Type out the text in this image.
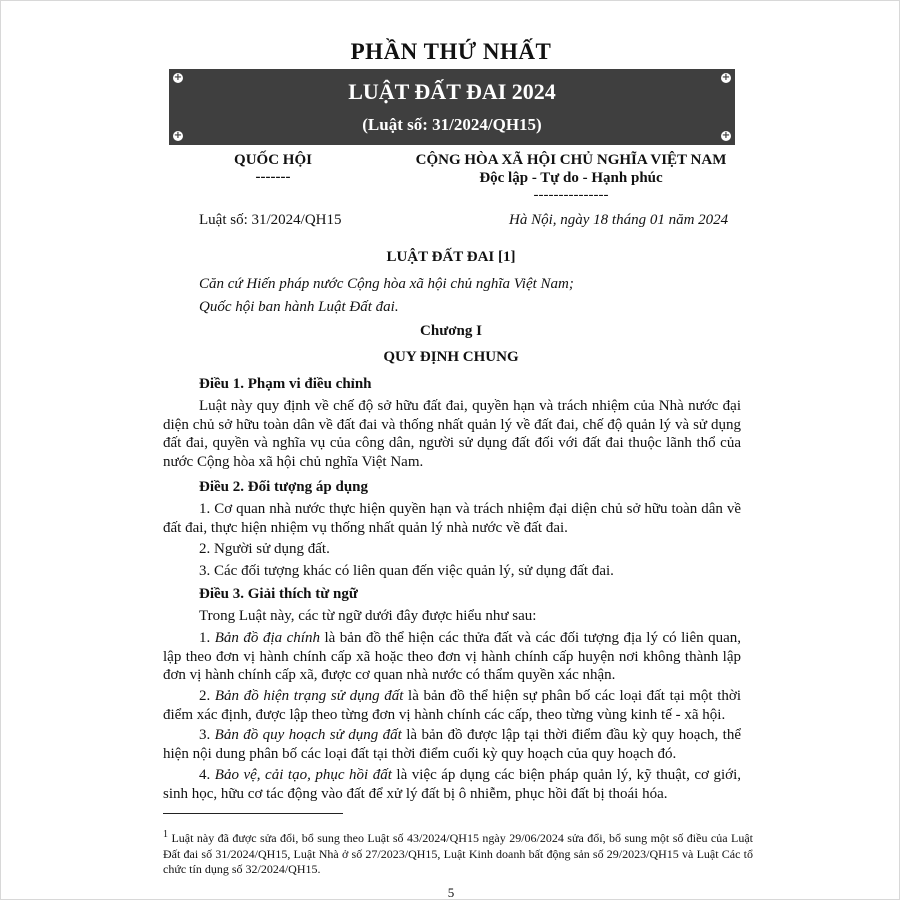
PHẦN THỨ NHẤT
+	+
+	+
LUẬT ĐẤT ĐAI 2024
(Luật số: 31/2024/QH15)
QUỐC HỘI
-------
CỘNG HÒA XÃ HỘI CHỦ NGHĨA VIỆT NAM
Độc lập - Tự do - Hạnh phúc
---------------
Luật số: 31/2024/QH15	Hà Nội, ngày 18 tháng 01 năm 2024
LUẬT ĐẤT ĐAI [1]
Căn cứ Hiến pháp nước Cộng hòa xã hội chủ nghĩa Việt Nam;
Quốc hội ban hành Luật Đất đai.
Chương I
QUY ĐỊNH CHUNG
Điều 1. Phạm vi điều chỉnh
Luật này quy định về chế độ sở hữu đất đai, quyền hạn và trách nhiệm của Nhà nước đại diện chủ sở hữu toàn dân về đất đai và thống nhất quản lý về đất đai, chế độ quản lý và sử dụng đất đai, quyền và nghĩa vụ của công dân, người sử dụng đất đối với đất đai thuộc lãnh thổ của nước Cộng hòa xã hội chủ nghĩa Việt Nam.
Điều 2. Đối tượng áp dụng
1. Cơ quan nhà nước thực hiện quyền hạn và trách nhiệm đại diện chủ sở hữu toàn dân về đất đai, thực hiện nhiệm vụ thống nhất quản lý nhà nước về đất đai.
2. Người sử dụng đất.
3. Các đối tượng khác có liên quan đến việc quản lý, sử dụng đất đai.
Điều 3. Giải thích từ ngữ
Trong Luật này, các từ ngữ dưới đây được hiểu như sau:
1. Bản đồ địa chính là bản đồ thể hiện các thửa đất và các đối tượng địa lý có liên quan, lập theo đơn vị hành chính cấp xã hoặc theo đơn vị hành chính cấp huyện nơi không thành lập đơn vị hành chính cấp xã, được cơ quan nhà nước có thẩm quyền xác nhận.
2. Bản đồ hiện trạng sử dụng đất là bản đồ thể hiện sự phân bố các loại đất tại một thời điểm xác định, được lập theo từng đơn vị hành chính các cấp, theo từng vùng kinh tế - xã hội.
3. Bản đồ quy hoạch sử dụng đất là bản đồ được lập tại thời điểm đầu kỳ quy hoạch, thể hiện nội dung phân bố các loại đất tại thời điểm cuối kỳ quy hoạch của quy hoạch đó.
4. Bảo vệ, cải tạo, phục hồi đất là việc áp dụng các biện pháp quản lý, kỹ thuật, cơ giới, sinh học, hữu cơ tác động vào đất để xử lý đất bị ô nhiễm, phục hồi đất bị thoái hóa.
$^1$ Luật này đã được sửa đổi, bổ sung theo Luật số 43/2024/QH15 ngày 29/06/2024 sửa đổi, bổ sung một số điều của Luật Đất đai số 31/2024/QH15, Luật Nhà ở số 27/2023/QH15, Luật Kinh doanh bất động sản số 29/2023/QH15 và Luật Các tổ chức tín dụng số 32/2024/QH15.
5
